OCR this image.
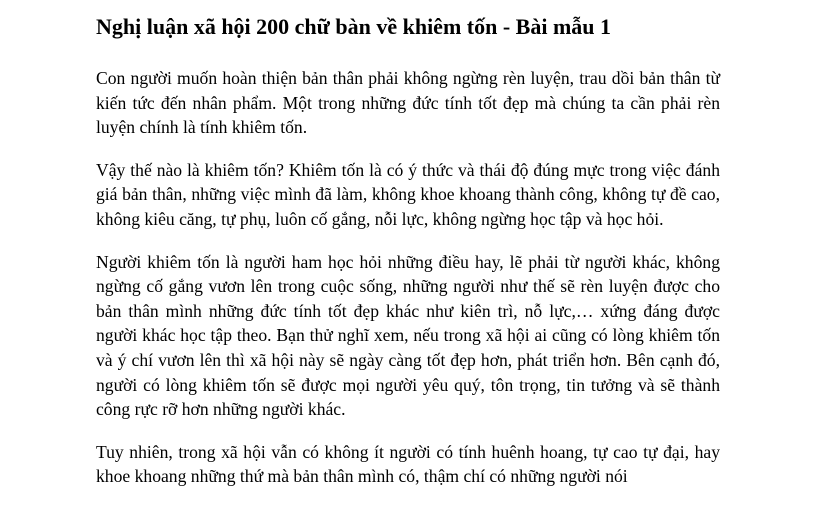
Nghị luận xã hội 200 chữ bàn về khiêm tốn - Bài mẫu 1

Con người muốn hoàn thiện bản thân phải không ngừng rèn luyện, trau dồi bản thân từ kiến tức đến nhân phẩm. Một trong những đức tính tốt đẹp mà chúng ta cần phải rèn luyện chính là tính khiêm tốn.

Vậy thế nào là khiêm tốn? Khiêm tốn là có ý thức và thái độ đúng mực trong việc đánh giá bản thân, những việc mình đã làm, không khoe khoang thành công, không tự đề cao, không kiêu căng, tự phụ, luôn cố gắng, nỗi lực, không ngừng học tập và học hỏi.

Người khiêm tốn là người ham học hỏi những điều hay, lẽ phải từ người khác, không ngừng cố gắng vươn lên trong cuộc sống, những người như thế sẽ rèn luyện được cho bản thân mình những đức tính tốt đẹp khác như kiên trì, nỗ lực,… xứng đáng được người khác học tập theo. Bạn thử nghĩ xem, nếu trong xã hội ai cũng có lòng khiêm tốn và ý chí vươn lên thì xã hội này sẽ ngày càng tốt đẹp hơn, phát triển hơn. Bên cạnh đó, người có lòng khiêm tốn sẽ được mọi người yêu quý, tôn trọng, tin tưởng và sẽ thành công rực rỡ hơn những người khác.

Tuy nhiên, trong xã hội vẫn có không ít người có tính huênh hoang, tự cao tự đại, hay khoe khoang những thứ mà bản thân mình có, thậm chí có những người nói
